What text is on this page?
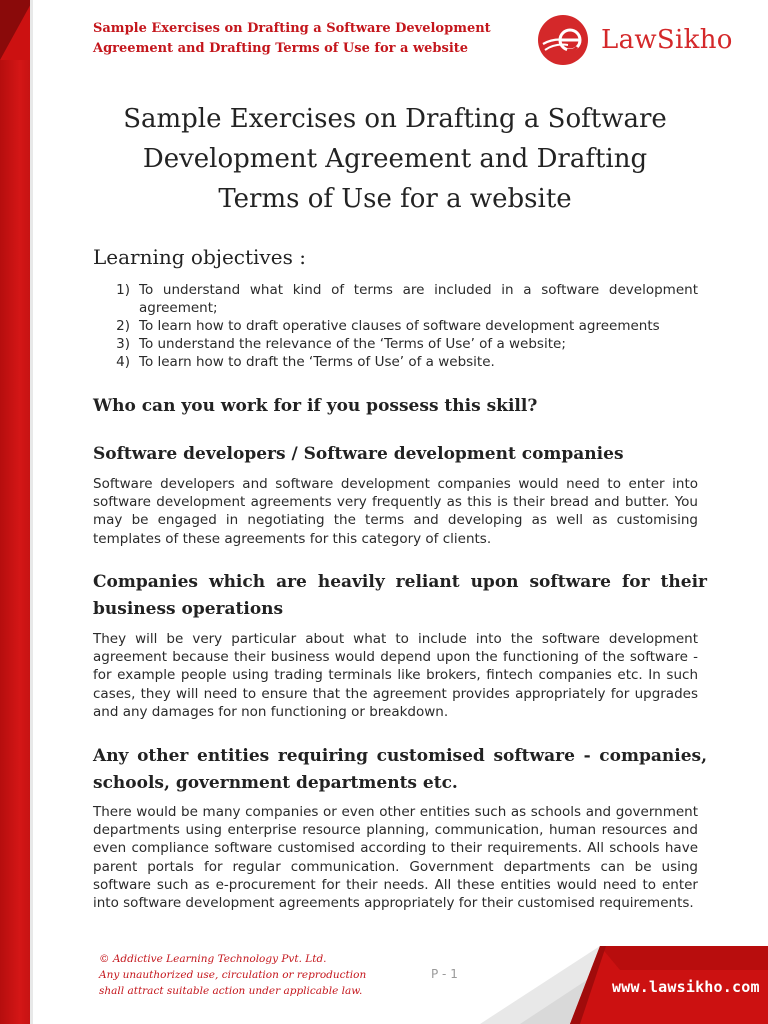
Sample Exercises on Drafting a Software Development Agreement and Drafting Terms of Use for a website	LawSikho
Sample Exercises on Drafting a Software Development Agreement and Drafting Terms of Use for a website
Learning objectives :
1) To understand what kind of terms are included in a software development agreement;
2) To learn how to draft operative clauses of software development agreements
3) To understand the relevance of the ‘Terms of Use’ of a website;
4) To learn how to draft the ‘Terms of Use’ of a website.
Who can you work for if you possess this skill?
Software developers / Software development companies
Software developers and software development companies would need to enter into software development agreements very frequently as this is their bread and butter. You may be engaged in negotiating the terms and developing as well as customising templates of these agreements for this category of clients.
Companies which are heavily reliant upon software for their business operations
They will be very particular about what to include into the software development agreement because their business would depend upon the functioning of the software - for example people using trading terminals like brokers, fintech companies etc. In such cases, they will need to ensure that the agreement provides appropriately for upgrades and any damages for non functioning or breakdown.
Any other entities requiring customised software - companies, schools, government departments etc.
There would be many companies or even other entities such as schools and government departments using enterprise resource planning, communication, human resources and even compliance software customised according to their requirements. All schools have parent portals for regular communication. Government departments can be using software such as e-procurement for their needs. All these entities would need to enter into software development agreements appropriately for their customised requirements.
© Addictive Learning Technology Pvt. Ltd.
Any unauthorized use, circulation or reproduction
shall attract suitable action under applicable law.
P - 1
www.lawsikho.com
